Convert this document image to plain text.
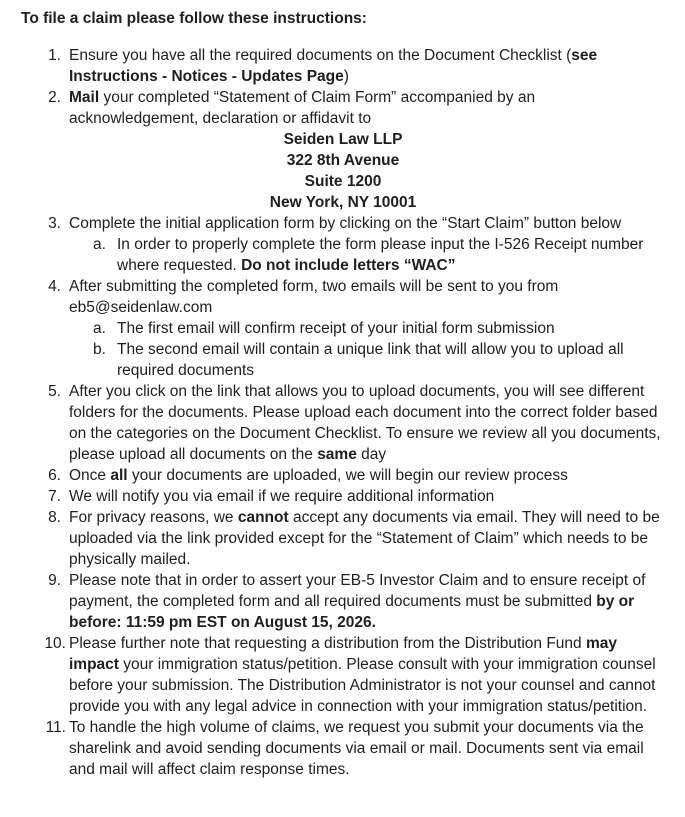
To file a claim please follow these instructions:
1. Ensure you have all the required documents on the Document Checklist (see Instructions - Notices - Updates Page)
2. Mail your completed “Statement of Claim Form” accompanied by an acknowledgement, declaration or affidavit to
Seiden Law LLP
322 8th Avenue
Suite 1200
New York, NY 10001
3. Complete the initial application form by clicking on the “Start Claim” button below
a. In order to properly complete the form please input the I-526 Receipt number where requested. Do not include letters “WAC”
4. After submitting the completed form, two emails will be sent to you from eb5@seidenlaw.com
a. The first email will confirm receipt of your initial form submission
b. The second email will contain a unique link that will allow you to upload all required documents
5. After you click on the link that allows you to upload documents, you will see different folders for the documents. Please upload each document into the correct folder based on the categories on the Document Checklist. To ensure we review all you documents, please upload all documents on the same day
6. Once all your documents are uploaded, we will begin our review process
7. We will notify you via email if we require additional information
8. For privacy reasons, we cannot accept any documents via email. They will need to be uploaded via the link provided except for the “Statement of Claim” which needs to be physically mailed.
9. Please note that in order to assert your EB-5 Investor Claim and to ensure receipt of payment, the completed form and all required documents must be submitted by or before: 11:59 pm EST on August 15, 2026.
10. Please further note that requesting a distribution from the Distribution Fund may impact your immigration status/petition. Please consult with your immigration counsel before your submission. The Distribution Administrator is not your counsel and cannot provide you with any legal advice in connection with your immigration status/petition.
11. To handle the high volume of claims, we request you submit your documents via the sharelink and avoid sending documents via email or mail. Documents sent via email and mail will affect claim response times.
